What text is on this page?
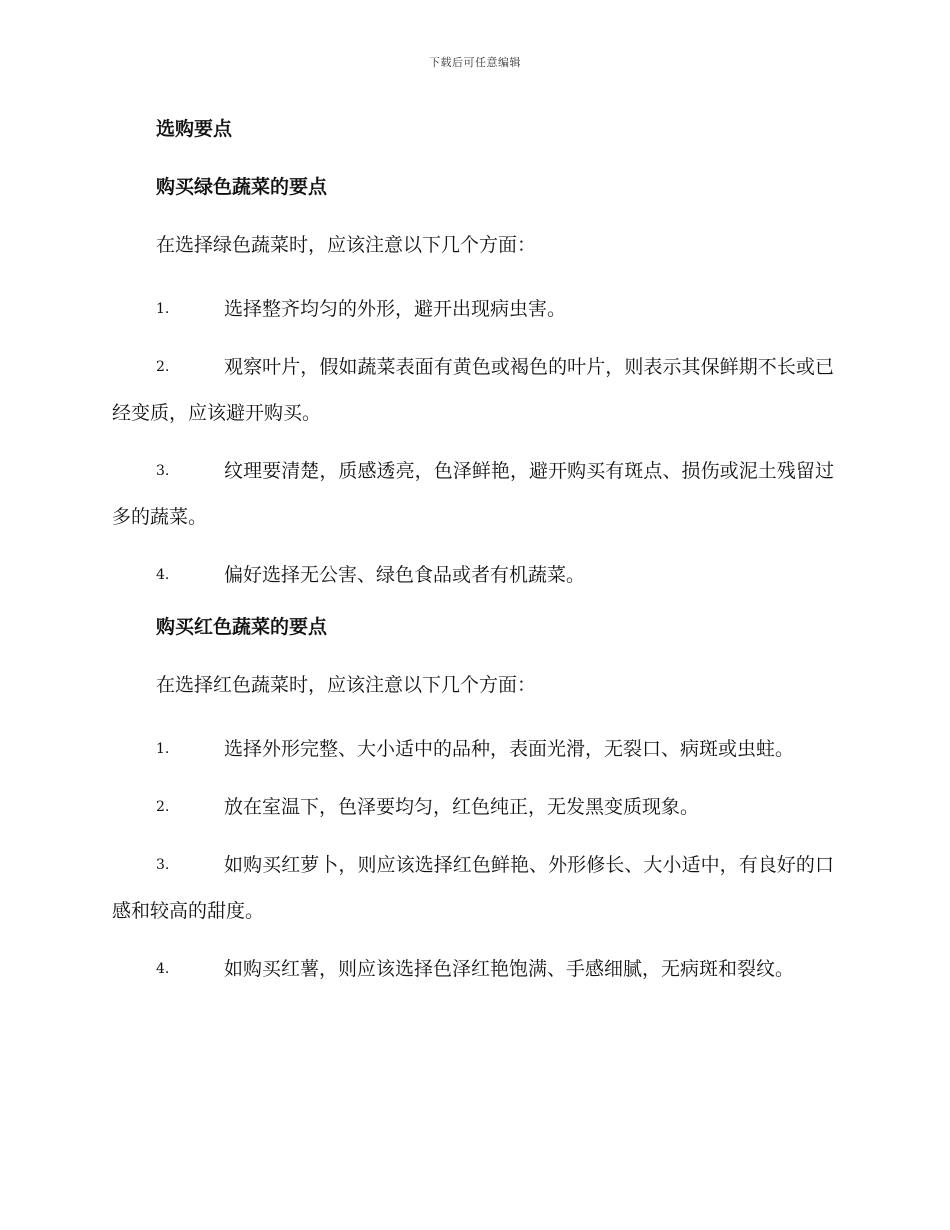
下载后可任意编辑
选购要点
购买绿色蔬菜的要点
在选择绿色蔬菜时，应该注意以下几个方面：
1.	选择整齐均匀的外形，避开出现病虫害。
2.	观察叶片，假如蔬菜表面有黄色或褐色的叶片，则表示其保鲜期不长或已经变质，应该避开购买。
3.	纹理要清楚，质感透亮，色泽鲜艳，避开购买有斑点、损伤或泥土残留过多的蔬菜。
4.	偏好选择无公害、绿色食品或者有机蔬菜。
购买红色蔬菜的要点
在选择红色蔬菜时，应该注意以下几个方面：
1.	选择外形完整、大小适中的品种，表面光滑，无裂口、病斑或虫蛀。
2.	放在室温下，色泽要均匀，红色纯正，无发黑变质现象。
3.	如购买红萝卜，则应该选择红色鲜艳、外形修长、大小适中，有良好的口感和较高的甜度。
4.	如购买红薯，则应该选择色泽红艳饱满、手感细腻，无病斑和裂纹。
